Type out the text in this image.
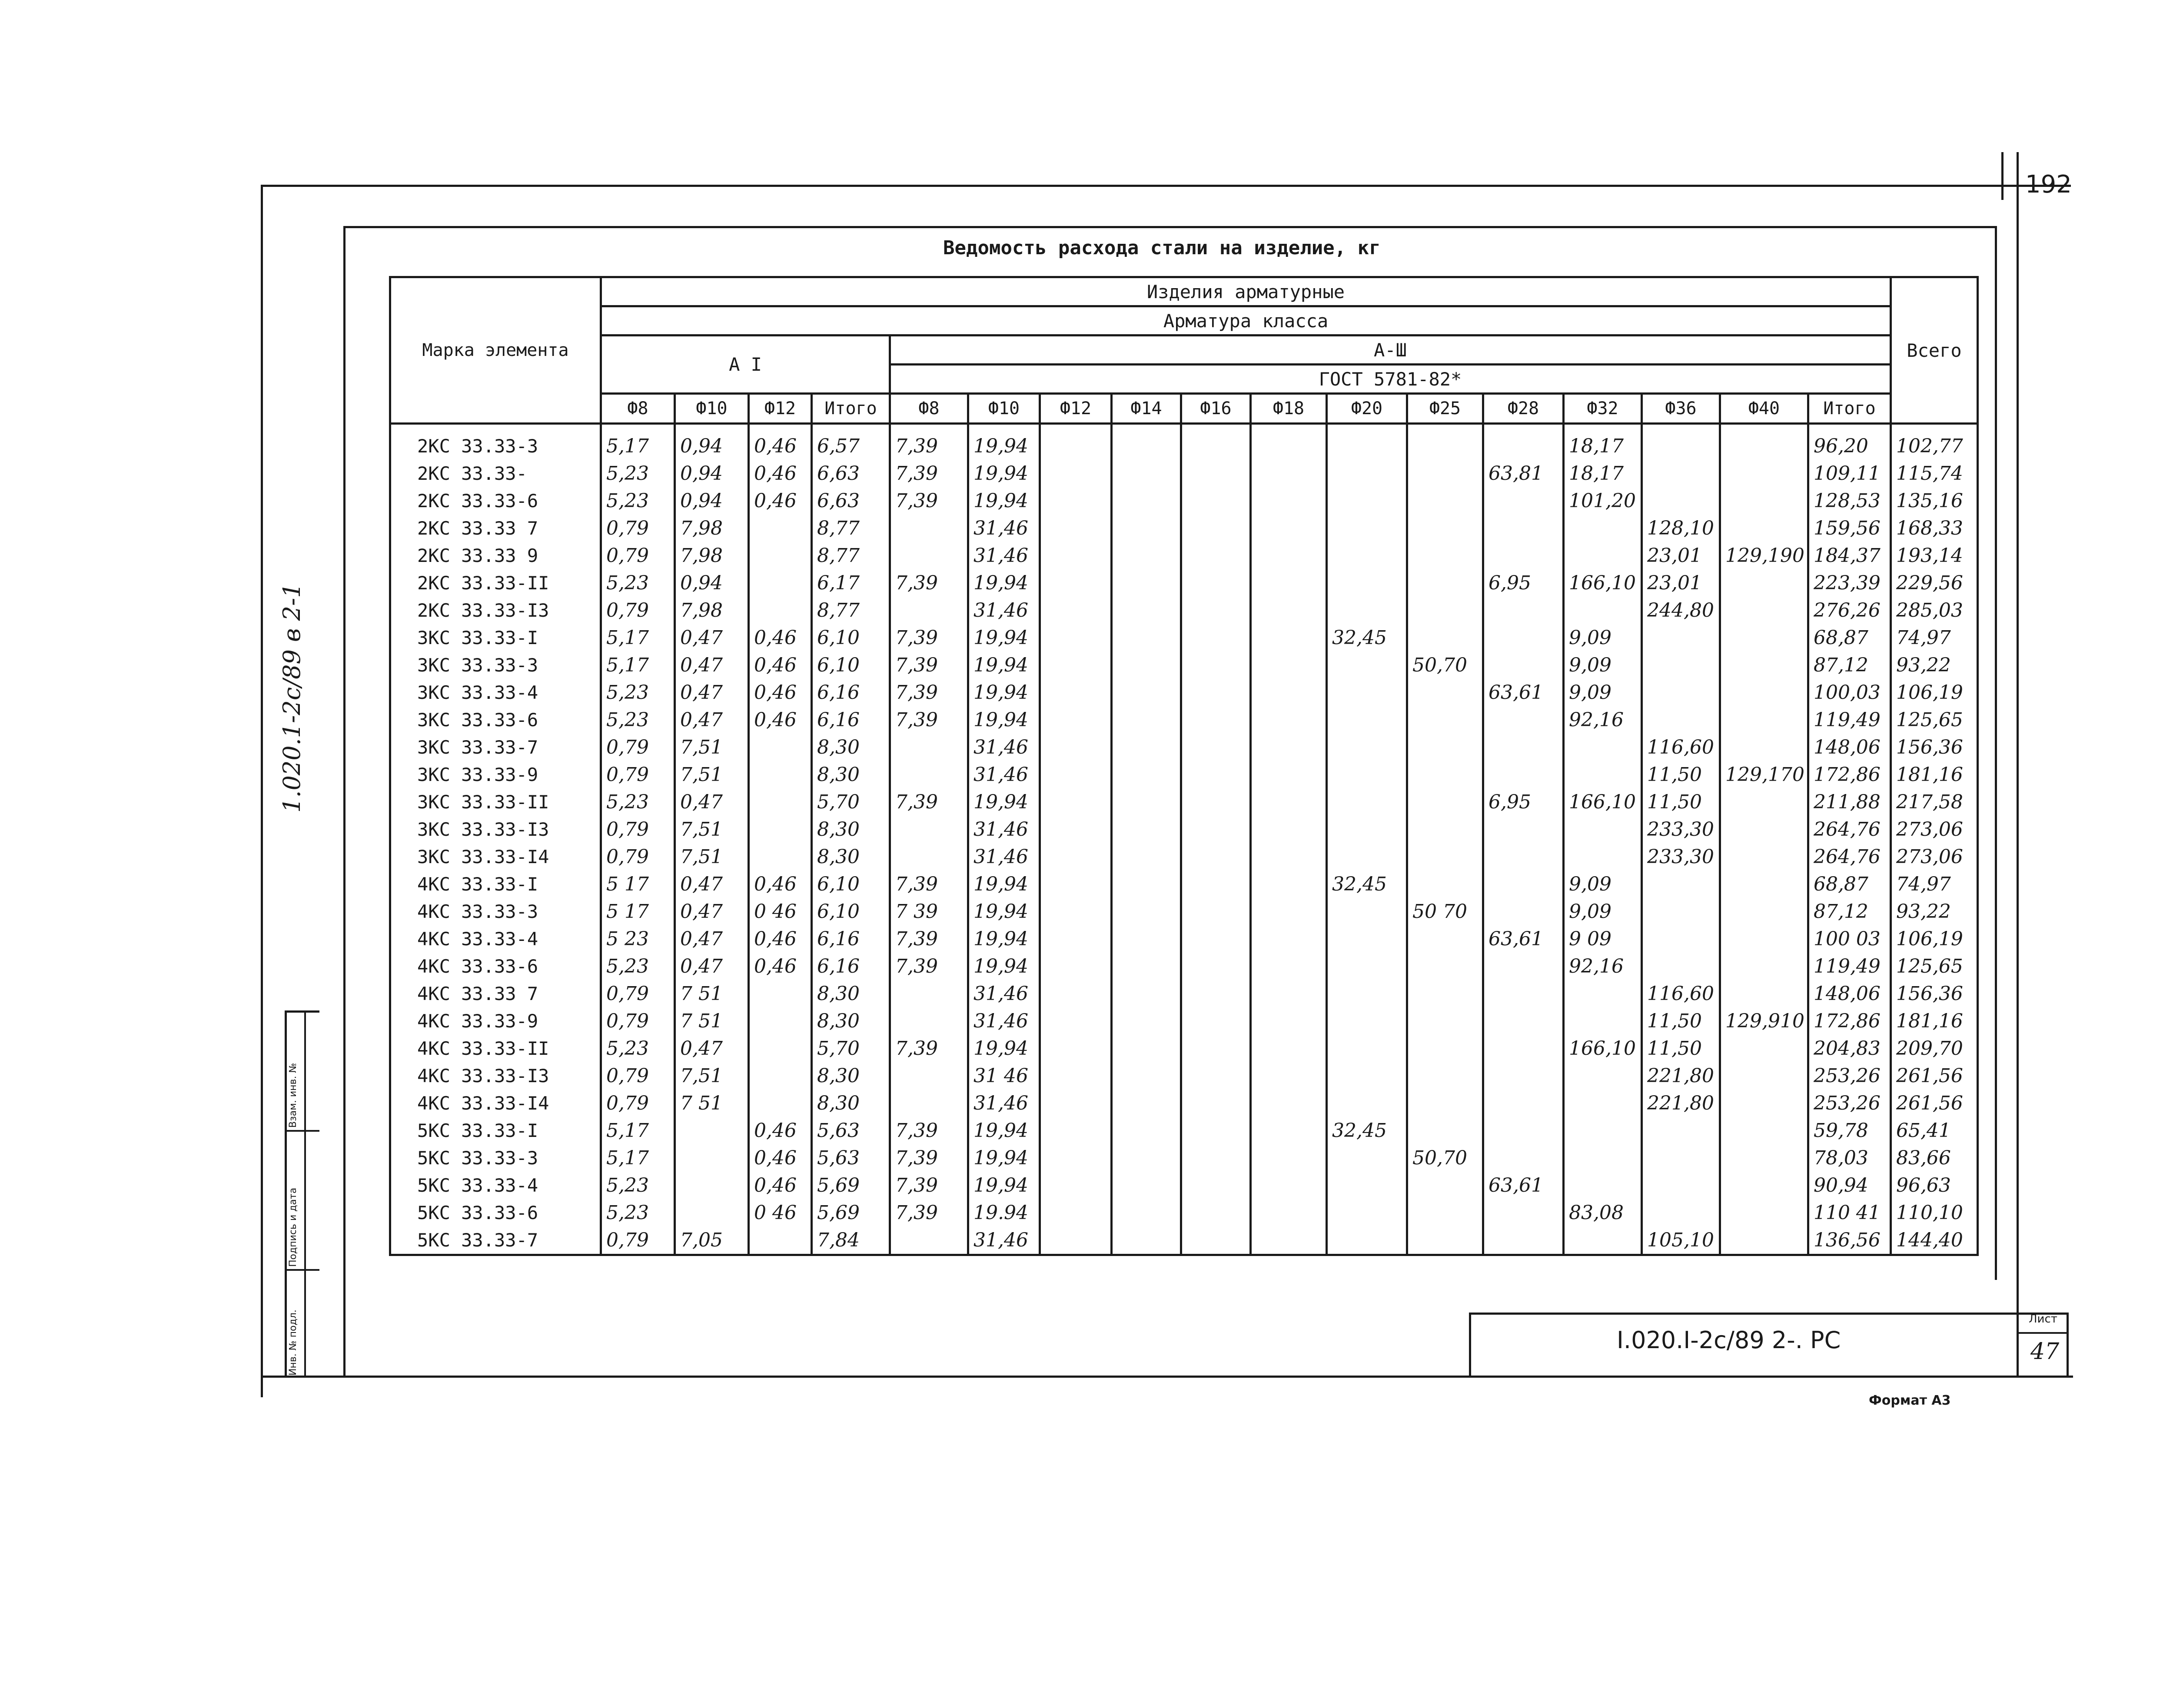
192
Ведомость расхода стали на изделие, кг
Марка элемента	Изделия арматурные																	Всего
	Арматура класса																	
	А I				А-Ш													
					ГОСТ 5781-82*													
	Ф8	Ф10	Ф12	Итого	Ф8	Ф10	Ф12	Ф14	Ф16	Ф18	Ф20	Ф25	Ф28	Ф32	Ф36	Ф40	Итого	
2КС 33.33-3	5,17	0,94	0,46	6,57	7,39	19,94								18,17			96,20	102,77
2КС 33.33-	5,23	0,94	0,46	6,63	7,39	19,94							63,81	18,17			109,11	115,74
2КС 33.33-6	5,23	0,94	0,46	6,63	7,39	19,94								101,20			128,53	135,16
2КС 33.33 7	0,79	7,98		8,77		31,46									128,10		159,56	168,33
2КС 33.33 9	0,79	7,98		8,77		31,46									23,01	129,190	184,37	193,14
2КС 33.33-II	5,23	0,94		6,17	7,39	19,94							6,95	166,10	23,01		223,39	229,56
2КС 33.33-I3	0,79	7,98		8,77		31,46									244,80		276,26	285,03
3КС 33.33-I	5,17	0,47	0,46	6,10	7,39	19,94					32,45			9,09			68,87	74,97
3КС 33.33-3	5,17	0,47	0,46	6,10	7,39	19,94						50,70		9,09			87,12	93,22
3КС 33.33-4	5,23	0,47	0,46	6,16	7,39	19,94							63,61	9,09			100,03	106,19
3КС 33.33-6	5,23	0,47	0,46	6,16	7,39	19,94								92,16			119,49	125,65
3КС 33.33-7	0,79	7,51		8,30		31,46									116,60		148,06	156,36
3КС 33.33-9	0,79	7,51		8,30		31,46									11,50	129,170	172,86	181,16
3КС 33.33-II	5,23	0,47		5,70	7,39	19,94							6,95	166,10	11,50		211,88	217,58
3КС 33.33-I3	0,79	7,51		8,30		31,46									233,30		264,76	273,06
3КС 33.33-I4	0,79	7,51		8,30		31,46									233,30		264,76	273,06
4КС 33.33-I	5 17	0,47	0,46	6,10	7,39	19,94					32,45			9,09			68,87	74,97
4КС 33.33-3	5 17	0,47	0 46	6,10	7 39	19,94						50 70		9,09			87,12	93,22
4КС 33.33-4	5 23	0,47	0,46	6,16	7,39	19,94							63,61	9 09			100 03	106,19
4КС 33.33-6	5,23	0,47	0,46	6,16	7,39	19,94								92,16			119,49	125,65
4КС 33.33 7	0,79	7 51		8,30		31,46									116,60		148,06	156,36
4КС 33.33-9	0,79	7 51		8,30		31,46									11,50	129,910	172,86	181,16
4КС 33.33-II	5,23	0,47		5,70	7,39	19,94								166,10	11,50		204,83	209,70
4КС 33.33-I3	0,79	7,51		8,30		31 46									221,80		253,26	261,56
4КС 33.33-I4	0,79	7 51		8,30		31,46									221,80		253,26	261,56
5КС 33.33-I	5,17		0,46	5,63	7,39	19,94					32,45						59,78	65,41
5КС 33.33-3	5,17		0,46	5,63	7,39	19,94						50,70					78,03	83,66
5КС 33.33-4	5,23		0,46	5,69	7,39	19,94							63,61				90,94	96,63
5КС 33.33-6	5,23		0 46	5,69	7,39	19.94								83,08			110 41	110,10
5КС 33.33-7	0,79	7,05		7,84		31,46									105,10		136,56	144,40
I.020.I-2c/89 2-. PC
Лист
47
Формат А3
1.020.1-2c/89 в 2-1
Инв. № подл.
Подпись и дата
Взам. инв. №
